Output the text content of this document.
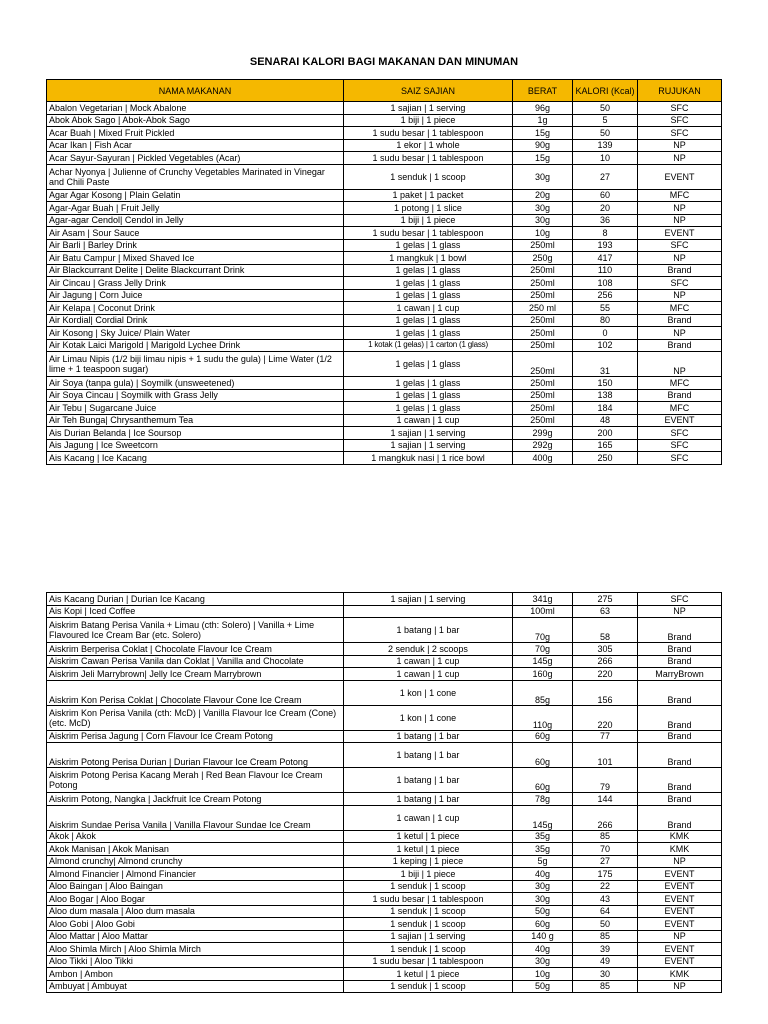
SENARAI KALORI BAGI MAKANAN DAN MINUMAN
NAMA MAKANAN	SAIZ SAJIAN	BERAT	KALORI (Kcal)	RUJUKAN
Abalon Vegetarian | Mock Abalone	1 sajian | 1 serving	96g	50	SFC
Abok Abok Sago | Abok-Abok Sago	1 biji | 1 piece	1g	5	SFC
Acar Buah | Mixed Fruit Pickled	1 sudu besar | 1 tablespoon	15g	50	SFC
Acar Ikan | Fish Acar	1 ekor | 1 whole	90g	139	NP
Acar Sayur-Sayuran | Pickled Vegetables (Acar)	1 sudu besar | 1 tablespoon	15g	10	NP
Achar Nyonya | Julienne of Crunchy Vegetables Marinated in Vinegar and Chili Paste	1 senduk | 1 scoop	30g	27	EVENT
Agar Agar Kosong | Plain Gelatin	1 paket | 1 packet	20g	60	MFC
Agar-Agar Buah | Fruit Jelly	1 potong | 1 slice	30g	20	NP
Agar-agar Cendol| Cendol in Jelly	1 biji | 1 piece	30g	36	NP
Air Asam | Sour Sauce	1 sudu besar | 1 tablespoon	10g	8	EVENT
Air Barli | Barley Drink	1 gelas | 1 glass	250ml	193	SFC
Air Batu Campur | Mixed Shaved Ice	1 mangkuk | 1 bowl	250g	417	NP
Air Blackcurrant Delite | Delite Blackcurrant Drink	1 gelas | 1 glass	250ml	110	Brand
Air Cincau | Grass Jelly Drink	1 gelas | 1 glass	250ml	108	SFC
Air Jagung | Corn Juice	1 gelas | 1 glass	250ml	256	NP
Air Kelapa | Coconut Drink	1 cawan | 1 cup	250 ml	55	MFC
Air Kordial| Cordial Drink	1 gelas | 1 glass	250ml	80	Brand
Air Kosong | Sky Juice/ Plain Water	1 gelas | 1 glass	250ml	0	NP
Air Kotak Laici Marigold | Marigold Lychee Drink	1 kotak (1 gelas) | 1 carton (1 glass)	250ml	102	Brand
Air Limau Nipis (1/2 biji limau nipis + 1 sudu the gula) | Lime Water (1/2 lime + 1 teaspoon sugar)	1 gelas | 1 glass	250ml	31	NP
Air Soya (tanpa gula) | Soymilk (unsweetened)	1 gelas | 1 glass	250ml	150	MFC
Air Soya Cincau | Soymilk with Grass Jelly	1 gelas | 1 glass	250ml	138	Brand
Air Tebu | Sugarcane Juice	1 gelas | 1 glass	250ml	184	MFC
Air Teh Bunga| Chrysanthemum Tea	1 cawan | 1 cup	250ml	48	EVENT
Ais Durian Belanda | Ice Soursop	1 sajian | 1 serving	299g	200	SFC
Ais Jagung | Ice Sweetcorn	1 sajian | 1 serving	292g	165	SFC
Ais Kacang | Ice Kacang	1 mangkuk nasi | 1 rice bowl	400g	250	SFC
Ais Kacang Durian | Durian Ice Kacang	1 sajian | 1 serving	341g	275	SFC
Ais Kopi | Iced Coffee		100ml	63	NP
Aiskrim Batang Perisa Vanila + Limau (cth: Solero) | Vanilla + Lime Flavoured Ice Cream Bar (etc. Solero)	1 batang | 1 bar	70g	58	Brand
Aiskrim Berperisa Coklat | Chocolate Flavour Ice Cream	2 senduk | 2 scoops	70g	305	Brand
Aiskrim Cawan Perisa Vanila dan Coklat | Vanilla and Chocolate	1 cawan | 1 cup	145g	266	Brand
Aiskrim Jeli Marrybrown| Jelly Ice Cream Marrybrown	1 cawan | 1 cup	160g	220	MarryBrown
Aiskrim Kon Perisa Coklat | Chocolate Flavour Cone Ice Cream	1 kon | 1 cone	85g	156	Brand
Aiskrim Kon Perisa Vanila (cth: McD) | Vanilla Flavour Ice Cream (Cone) (etc. McD)	1 kon | 1 cone	110g	220	Brand
Aiskrim Perisa Jagung | Corn Flavour Ice Cream Potong	1 batang | 1 bar	60g	77	Brand
Aiskrim Potong Perisa Durian | Durian Flavour Ice Cream Potong	1 batang | 1 bar	60g	101	Brand
Aiskrim Potong Perisa Kacang Merah | Red Bean Flavour Ice Cream Potong	1 batang | 1 bar	60g	79	Brand
Aiskrim Potong, Nangka | Jackfruit Ice Cream Potong	1 batang | 1 bar	78g	144	Brand
Aiskrim Sundae Perisa Vanila | Vanilla Flavour Sundae Ice Cream	1 cawan | 1 cup	145g	266	Brand
Akok | Akok	1 ketul | 1 piece	35g	85	KMK
Akok Manisan | Akok Manisan	1 ketul | 1 piece	35g	70	KMK
Almond crunchy| Almond crunchy	1 keping | 1 piece	5g	27	NP
Almond Financier | Almond Financier	1 biji | 1 piece	40g	175	EVENT
Aloo Baingan | Aloo Baingan	1 senduk | 1 scoop	30g	22	EVENT
Aloo Bogar | Aloo Bogar	1 sudu besar | 1 tablespoon	30g	43	EVENT
Aloo dum masala | Aloo dum masala	1 senduk | 1 scoop	50g	64	EVENT
Aloo Gobi | Aloo Gobi	1 senduk | 1 scoop	60g	50	EVENT
Aloo Mattar | Aloo Mattar	1 sajian | 1 serving	140 g	85	NP
Aloo Shimla Mirch | Aloo Shimla Mirch	1 senduk | 1 scoop	40g	39	EVENT
Aloo Tikki | Aloo Tikki	1 sudu besar | 1 tablespoon	30g	49	EVENT
Ambon | Ambon	1 ketul | 1 piece	10g	30	KMK
Ambuyat | Ambuyat	1 senduk | 1 scoop	50g	85	NP
